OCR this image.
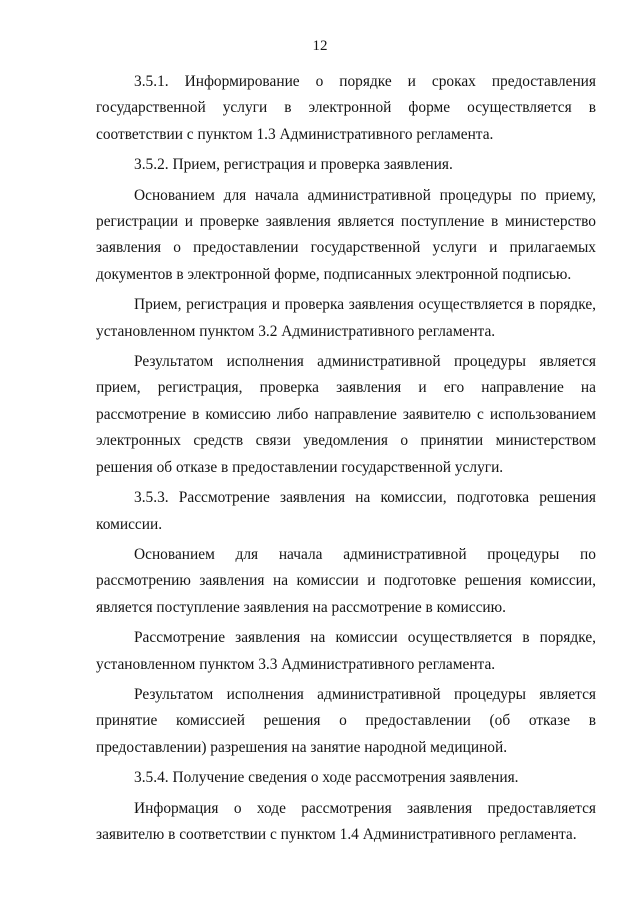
12

3.5.1. Информирование о порядке и сроках предоставления государственной услуги в электронной форме осуществляется в соответствии с пунктом 1.3 Административного регламента.

3.5.2. Прием, регистрация и проверка заявления.

Основанием для начала административной процедуры по приему, регистрации и проверке заявления является поступление в министерство заявления о предоставлении государственной услуги и прилагаемых документов в электронной форме, подписанных электронной подписью.

Прием, регистрация и проверка заявления осуществляется в порядке, установленном пунктом 3.2 Административного регламента.

Результатом исполнения административной процедуры является прием, регистрация, проверка заявления и его направление на рассмотрение в комиссию либо направление заявителю с использованием электронных средств связи уведомления о принятии министерством решения об отказе в предоставлении государственной услуги.

3.5.3. Рассмотрение заявления на комиссии, подготовка решения комиссии.

Основанием для начала административной процедуры по рассмотрению заявления на комиссии и подготовке решения комиссии, является поступление заявления на рассмотрение в комиссию.

Рассмотрение заявления на комиссии осуществляется в порядке, установленном пунктом 3.3 Административного регламента.

Результатом исполнения административной процедуры является принятие комиссией решения о предоставлении (об отказе в предоставлении) разрешения на занятие народной медициной.

3.5.4. Получение сведения о ходе рассмотрения заявления.

Информация о ходе рассмотрения заявления предоставляется заявителю в соответствии с пунктом 1.4 Административного регламента.
